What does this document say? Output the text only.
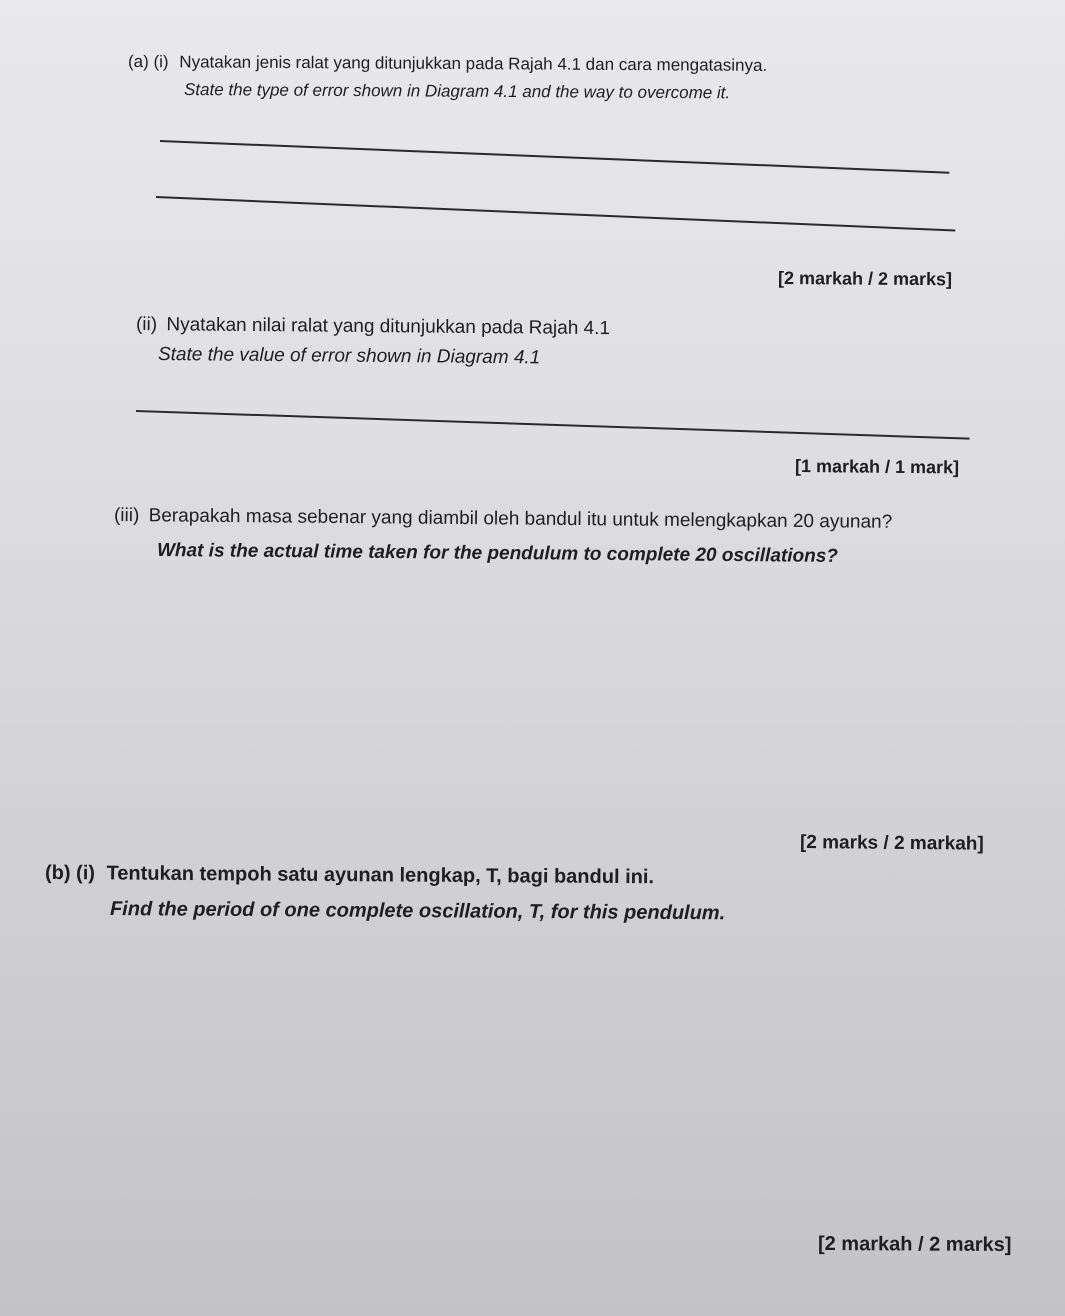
(a) (i) Nyatakan jenis ralat yang ditunjukkan pada Rajah 4.1 dan cara mengatasinya.
State the type of error shown in Diagram 4.1 and the way to overcome it.
[2 markah / 2 marks]
(ii) Nyatakan nilai ralat yang ditunjukkan pada Rajah 4.1
State the value of error shown in Diagram 4.1
[1 markah / 1 mark]
(iii) Berapakah masa sebenar yang diambil oleh bandul itu untuk melengkapkan 20 ayunan?
What is the actual time taken for the pendulum to complete 20 oscillations?
[2 marks / 2 markah]
(b) (i) Tentukan tempoh satu ayunan lengkap, T, bagi bandul ini.
Find the period of one complete oscillation, T, for this pendulum.
[2 markah / 2 marks]
